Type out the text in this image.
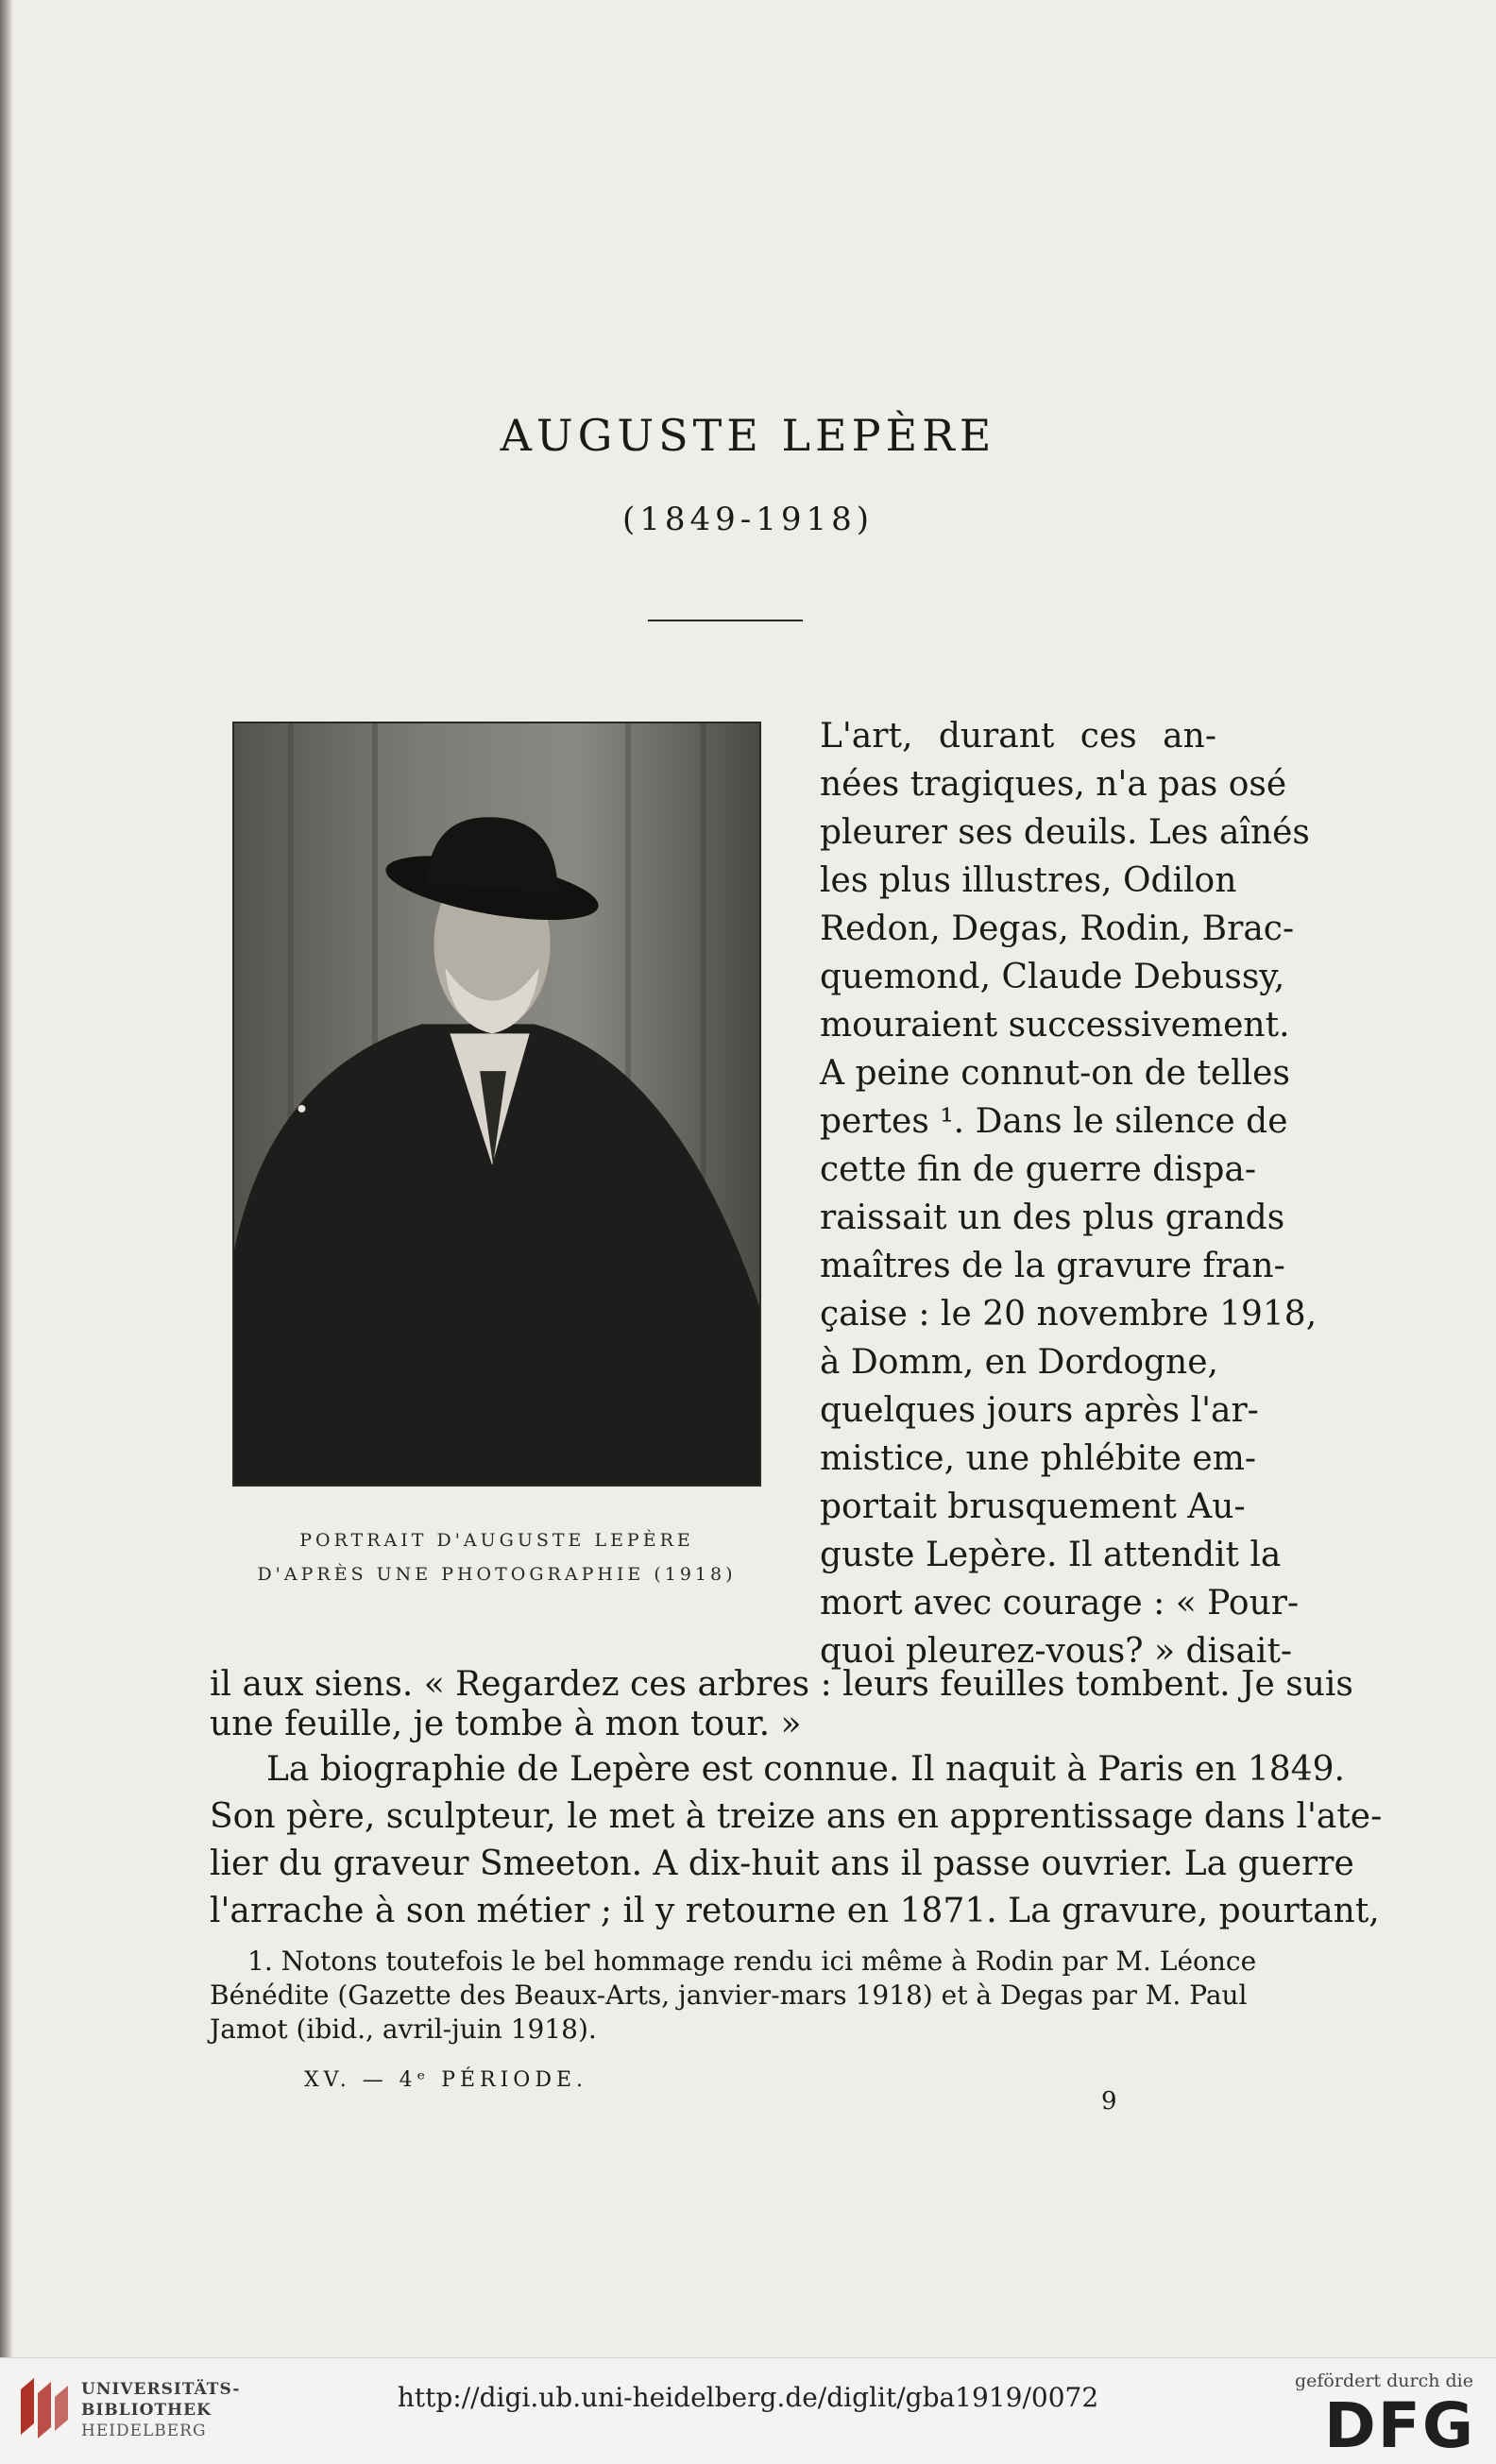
AUGUSTE LEPÈRE
(1849-1918)
PORTRAIT D'AUGUSTE LEPÈRE
D'APRÈS UNE PHOTOGRAPHIE (1918)
L'art, durant ces an-
nées tragiques, n'a pas osé
pleurer ses deuils. Les aînés
les plus illustres, Odilon
Redon, Degas, Rodin, Brac-
quemond, Claude Debussy,
mouraient successivement.
A peine connut-on de telles
pertes ¹. Dans le silence de
cette fin de guerre dispa-
raissait un des plus grands
maîtres de la gravure fran-
çaise : le 20 novembre 1918,
à Domm, en Dordogne,
quelques jours après l'ar-
mistice, une phlébite em-
portait brusquement Au-
guste Lepère. Il attendit la
mort avec courage : « Pour-
quoi pleurez-vous? » disait-
il aux siens. « Regardez ces arbres : leurs feuilles tombent. Je suis
une feuille, je tombe à mon tour. »
La biographie de Lepère est connue. Il naquit à Paris en 1849.
Son père, sculpteur, le met à treize ans en apprentissage dans l'ate-
lier du graveur Smeeton. A dix-huit ans il passe ouvrier. La guerre
l'arrache à son métier ; il y retourne en 1871. La gravure, pourtant,
1. Notons toutefois le bel hommage rendu ici même à Rodin par M. Léonce
Bénédite (Gazette des Beaux-Arts, janvier-mars 1918) et à Degas par M. Paul
Jamot (ibid., avril-juin 1918).
XV. — 4ᵉ PÉRIODE.
9
UNIVERSITÄTS-
BIBLIOTHEK
HEIDELBERG
http://digi.ub.uni-heidelberg.de/diglit/gba1919/0072
gefördert durch die
DFG
